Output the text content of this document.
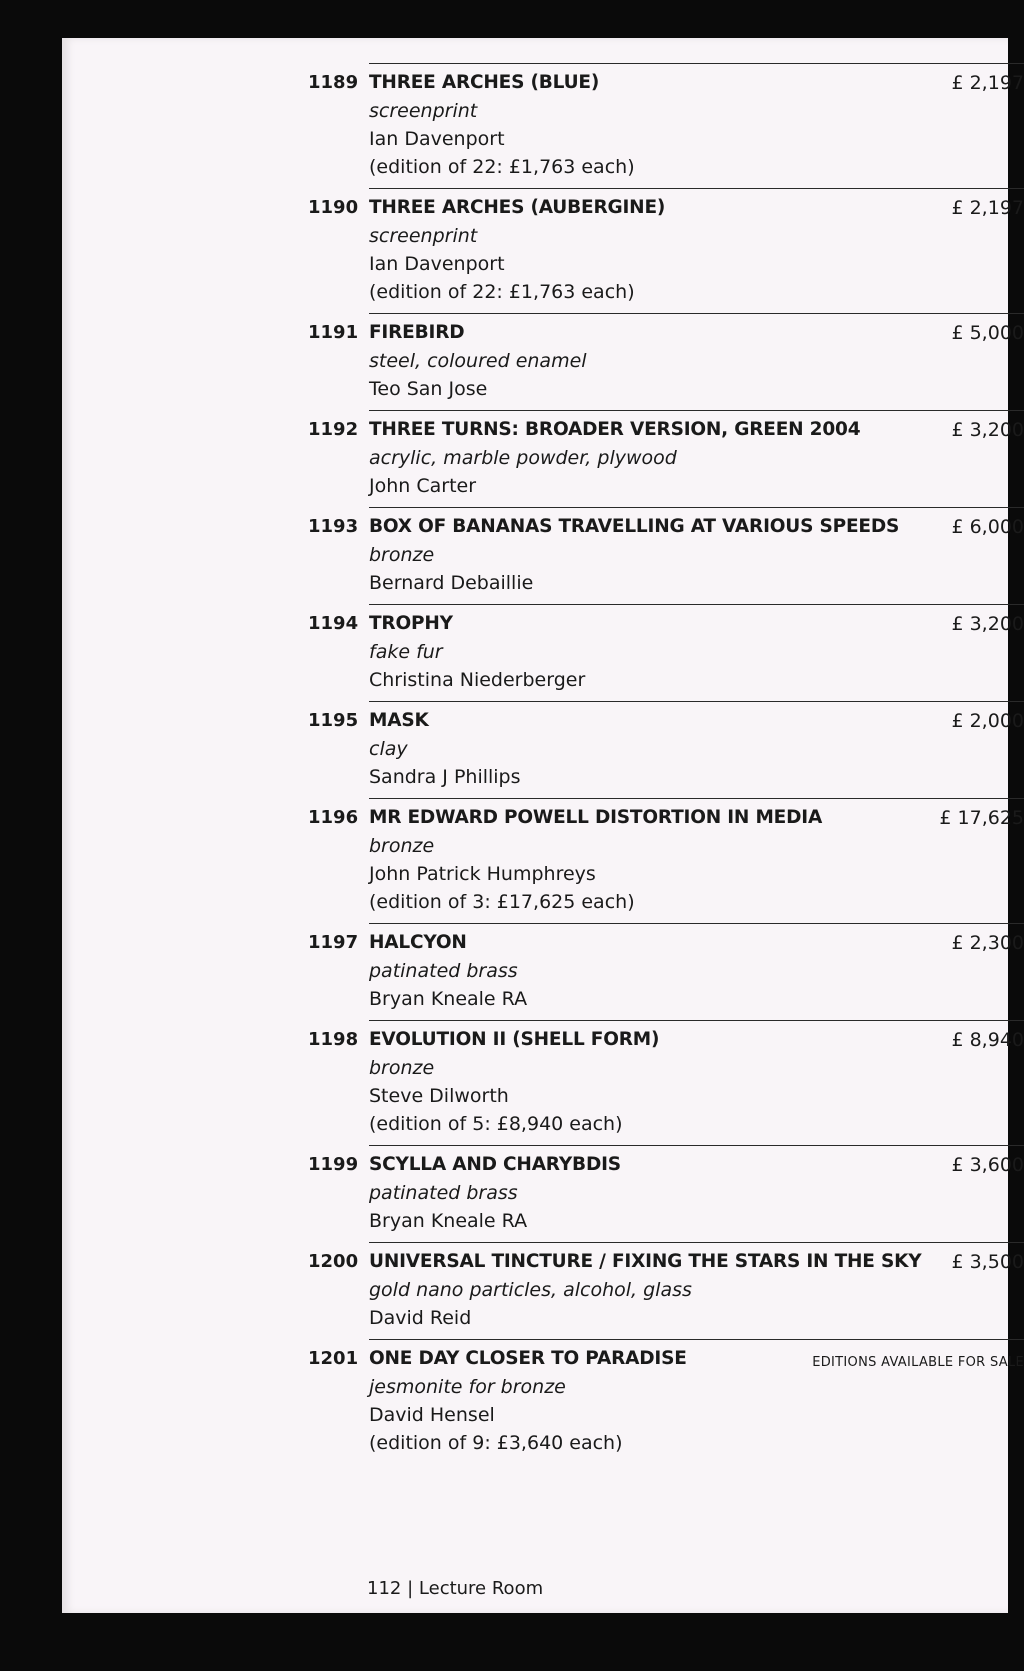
1189 THREE ARCHES (BLUE)
screenprint
Ian Davenport
(edition of 22: £1,763 each)
£ 2,197
1190 THREE ARCHES (AUBERGINE)
screenprint
Ian Davenport
(edition of 22: £1,763 each)
£ 2,197
1191 FIREBIRD
steel, coloured enamel
Teo San Jose
£ 5,000
1192 THREE TURNS: BROADER VERSION, GREEN 2004
acrylic, marble powder, plywood
John Carter
£ 3,200
1193 BOX OF BANANAS TRAVELLING AT VARIOUS SPEEDS
bronze
Bernard Debaillie
£ 6,000
1194 TROPHY
fake fur
Christina Niederberger
£ 3,200
1195 MASK
clay
Sandra J Phillips
£ 2,000
1196 MR EDWARD POWELL DISTORTION IN MEDIA
bronze
John Patrick Humphreys
(edition of 3: £17,625 each)
£ 17,625
1197 HALCYON
patinated brass
Bryan Kneale RA
£ 2,300
1198 EVOLUTION II (SHELL FORM)
bronze
Steve Dilworth
(edition of 5: £8,940 each)
£ 8,940
1199 SCYLLA AND CHARYBDIS
patinated brass
Bryan Kneale RA
£ 3,600
1200 UNIVERSAL TINCTURE / FIXING THE STARS IN THE SKY
gold nano particles, alcohol, glass
David Reid
£ 3,500
1201 ONE DAY CLOSER TO PARADISE
jesmonite for bronze
David Hensel
(edition of 9: £3,640 each)
EDITIONS AVAILABLE FOR SALE
112 | Lecture Room
